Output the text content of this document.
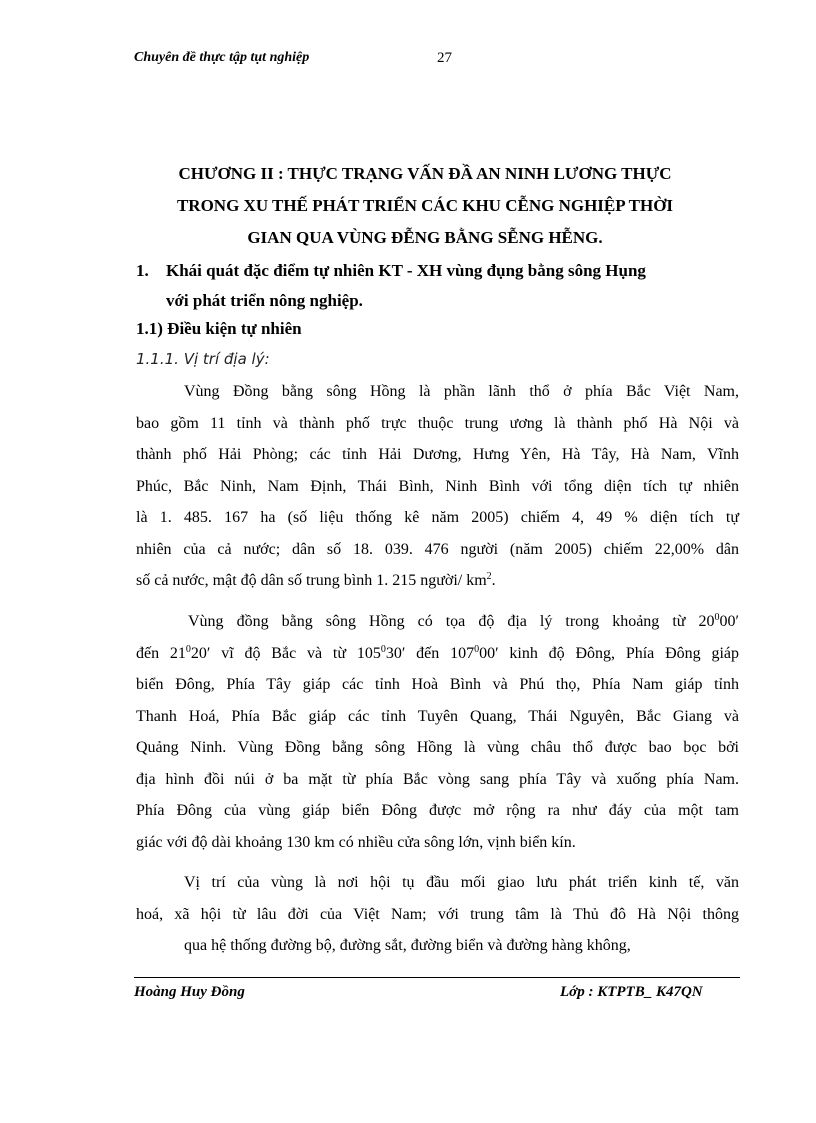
Chuyên đề thực tập tụt nghiệp	27
CHƯƠNG II : THỰC TRẠNG VẤN ĐẦ AN NINH LƯƠNG THỰC
TRONG XU THẾ PHÁT TRIỂN CÁC KHU CỄNG NGHIỆP THỜI
GIAN QUA VÙNG ĐỄNG BẰNG SỄNG HỄNG.
1.	Khái quát đặc điểm tự nhiên KT - XH vùng đụng bằng sông Hụng
với phát triển nông nghiệp.
1.1) Điều kiện tự nhiên
1.1.1. Vị trí địa lý:
Vùng Đồng bằng sông Hồng là phần lãnh thổ ở phía Bắc Việt Nam,
bao gồm 11 tỉnh và thành phố trực thuộc trung ương là thành phố Hà Nội và
thành phố Hải Phòng; các tỉnh Hải Dương, Hưng Yên, Hà Tây, Hà Nam, Vĩnh
Phúc, Bắc Ninh, Nam Định, Thái Bình, Ninh Bình với tổng diện tích tự nhiên
là 1. 485. 167 ha (số liệu thống kê năm 2005) chiếm 4, 49 % diện tích tự
nhiên của cả nước; dân số 18. 039. 476 người (năm 2005) chiếm 22,00% dân
số cả nước, mật độ dân số trung bình 1. 215 người/ $km^2$.
Vùng đồng bằng sông Hồng có tọa độ địa lý trong khoảng từ $20^000'$
đến $21^020'$ vĩ độ Bắc và từ $105^030'$ đến $107^000'$ kinh độ Đông, Phía Đông giáp
biển Đông, Phía Tây giáp các tỉnh Hoà Bình và Phú thọ, Phía Nam giáp tỉnh
Thanh Hoá, Phía Bắc giáp các tỉnh Tuyên Quang, Thái Nguyên, Bắc Giang và
Quảng Ninh. Vùng Đồng bằng sông Hồng là vùng châu thổ được bao bọc bởi
địa hình đồi núi ở ba mặt từ phía Bắc vòng sang phía Tây và xuống phía Nam.
Phía Đông của vùng giáp biển Đông được mở rộng ra như đáy của một tam
giác với độ dài khoảng 130 km có nhiều cửa sông lớn, vịnh biển kín.
Vị trí của vùng là nơi hội tụ đầu mối giao lưu phát triển kinh tế, văn
hoá, xã hội từ lâu đời của Việt Nam; với trung tâm là Thủ đô Hà Nội thông
qua hệ thống đường bộ, đường sắt, đường biển và đường hàng không,
Hoàng Huy Đồng	Lớp : KTPTB_ K47QN
